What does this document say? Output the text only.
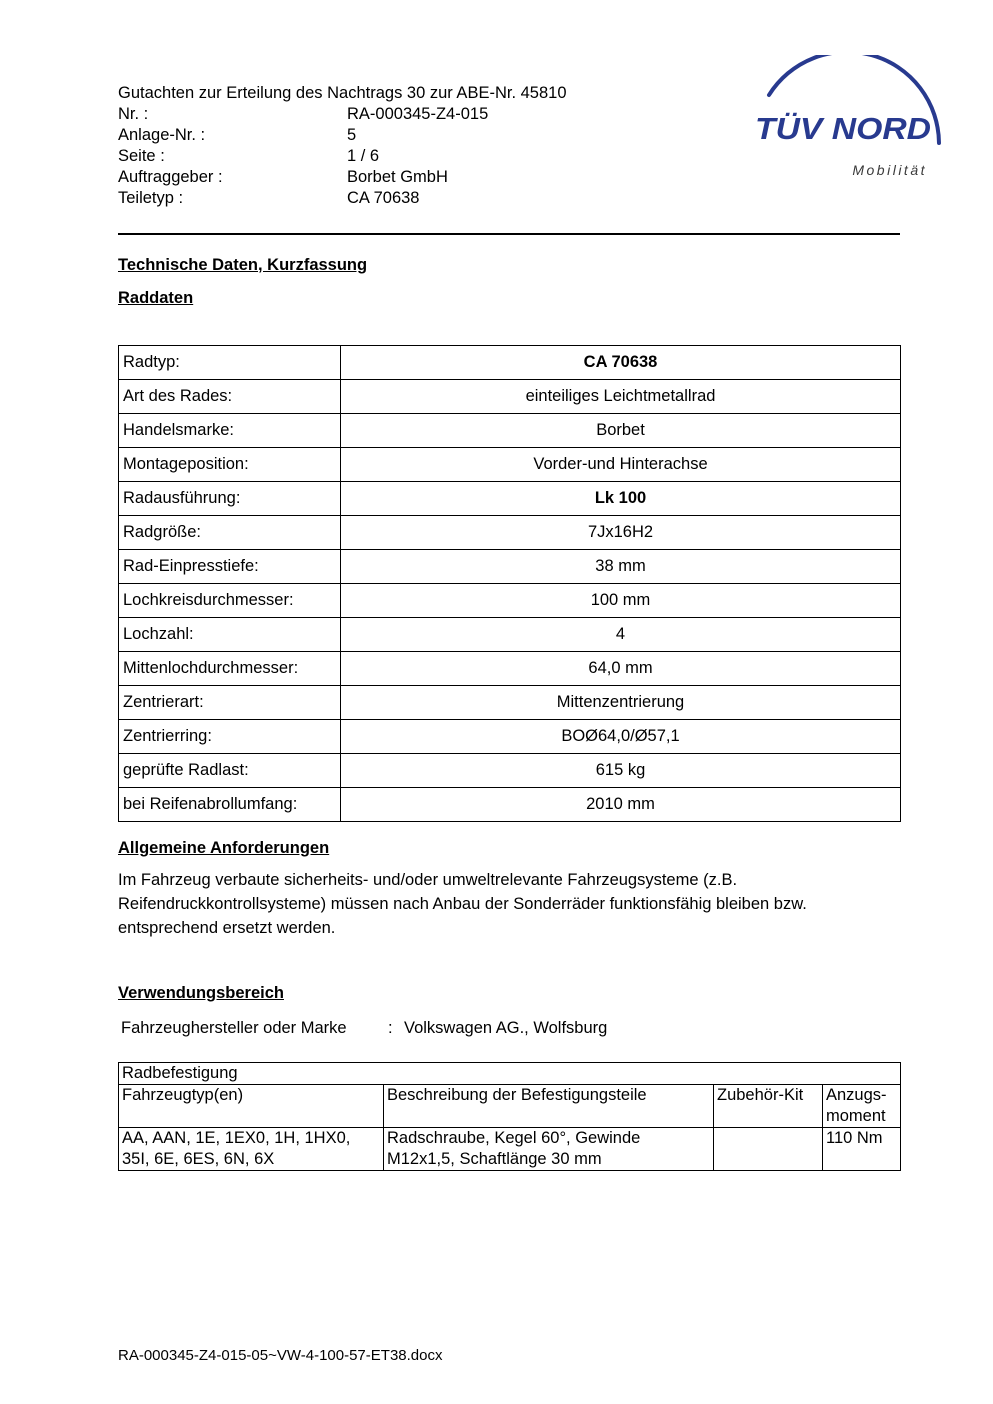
TÜV NORD
Mobilität
Gutachten zur Erteilung des Nachtrags 30 zur ABE-Nr. 45810
Nr. :	RA-000345-Z4-015
Anlage-Nr. :	5
Seite :	1 / 6
Auftraggeber :	Borbet GmbH
Teiletyp :	CA 70638
Technische Daten, Kurzfassung
Raddaten
Radtyp:	CA 70638
Art des Rades:	einteiliges Leichtmetallrad
Handelsmarke:	Borbet
Montageposition:	Vorder-und Hinterachse
Radausführung:	Lk 100
Radgröße:	7Jx16H2
Rad-Einpresstiefe:	38 mm
Lochkreisdurchmesser:	100 mm
Lochzahl:	4
Mittenlochdurchmesser:	64,0 mm
Zentrierart:	Mittenzentrierung
Zentrierring:	BOØ64,0/Ø57,1
geprüfte Radlast:	615 kg
bei Reifenabrollumfang:	2010 mm
Allgemeine Anforderungen

Im Fahrzeug verbaute sicherheits- und/oder umweltrelevante Fahrzeugsysteme (z.B. Reifendruckkontrollsysteme) müssen nach Anbau der Sonderräder funktionsfähig bleiben bzw. entsprechend ersetzt werden.

Verwendungsbereich
Fahrzeughersteller oder Marke	: Volkswagen AG., Wolfsburg
Radbefestigung			
Fahrzeugtyp(en)	Beschreibung der Befestigungsteile	Zubehör-Kit	Anzugs-moment
AA, AAN, 1E, 1EX0, 1H, 1HX0, 35I, 6E, 6ES, 6N, 6X	Radschraube, Kegel 60°, Gewinde M12x1,5, Schaftlänge 30 mm		110 Nm
RA-000345-Z4-015-05~VW-4-100-57-ET38.docx
